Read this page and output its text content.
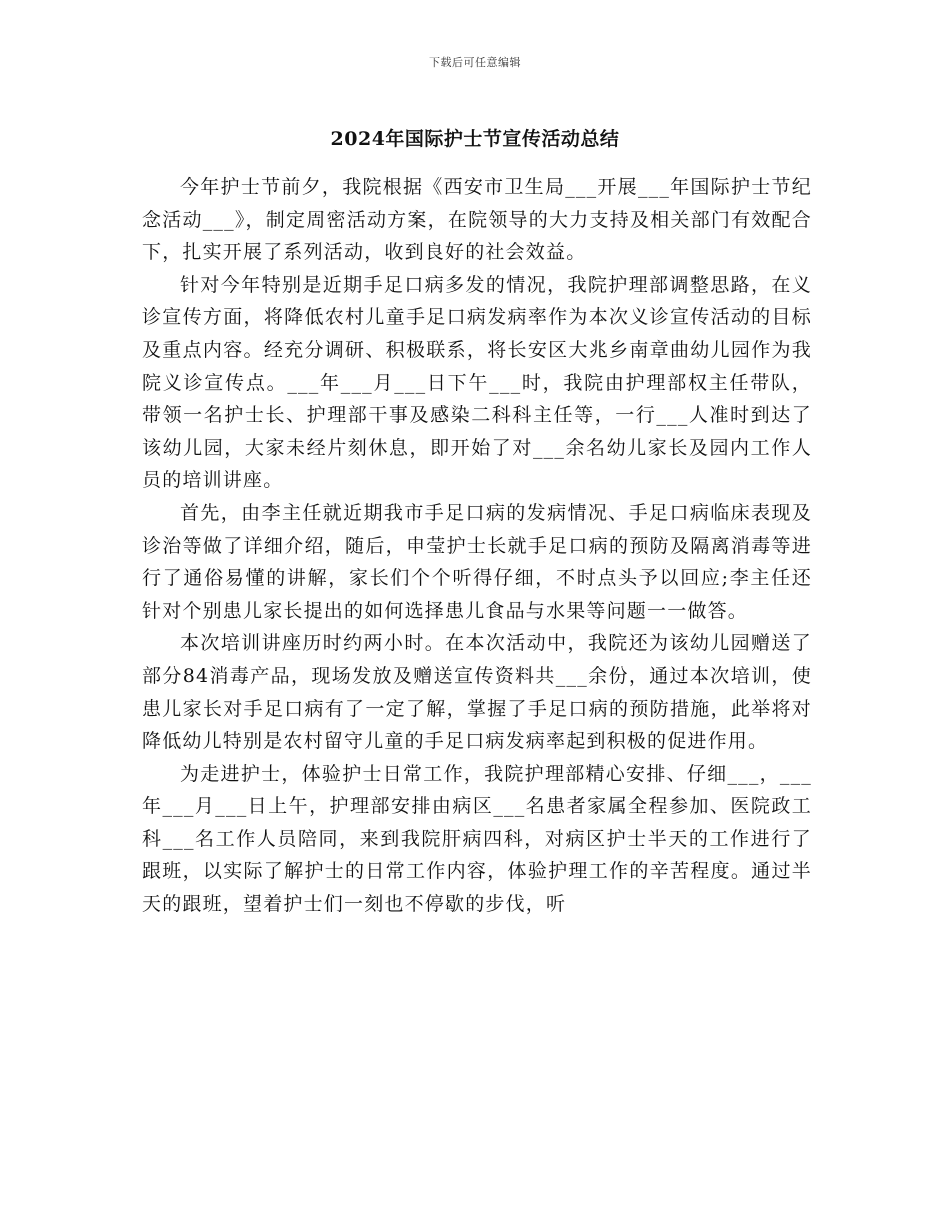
下载后可任意编辑
2024年国际护士节宣传活动总结

今年护士节前夕，我院根据《西安市卫生局___开展___年国际护士节纪念活动___》，制定周密活动方案，在院领导的大力支持及相关部门有效配合下，扎实开展了系列活动，收到良好的社会效益。

针对今年特别是近期手足口病多发的情况，我院护理部调整思路，在义诊宣传方面，将降低农村儿童手足口病发病率作为本次义诊宣传活动的目标及重点内容。经充分调研、积极联系，将长安区大兆乡南章曲幼儿园作为我院义诊宣传点。___年___月___日下午___时，我院由护理部权主任带队，带领一名护士长、护理部干事及感染二科科主任等，一行___人准时到达了该幼儿园，大家未经片刻休息，即开始了对___余名幼儿家长及园内工作人员的培训讲座。

首先，由李主任就近期我市手足口病的发病情况、手足口病临床表现及诊治等做了详细介绍，随后，申莹护士长就手足口病的预防及隔离消毒等进行了通俗易懂的讲解，家长们个个听得仔细，不时点头予以回应;李主任还针对个别患儿家长提出的如何选择患儿食品与水果等问题一一做答。

本次培训讲座历时约两小时。在本次活动中，我院还为该幼儿园赠送了部分84消毒产品，现场发放及赠送宣传资料共___余份，通过本次培训，使患儿家长对手足口病有了一定了解，掌握了手足口病的预防措施，此举将对降低幼儿特别是农村留守儿童的手足口病发病率起到积极的促进作用。

为走进护士，体验护士日常工作，我院护理部精心安排、仔细___，___年___月___日上午，护理部安排由病区___名患者家属全程参加、医院政工科___名工作人员陪同，来到我院肝病四科，对病区护士半天的工作进行了跟班，以实际了解护士的日常工作内容，体验护理工作的辛苦程度。通过半天的跟班，望着护士们一刻也不停歇的步伐，听
